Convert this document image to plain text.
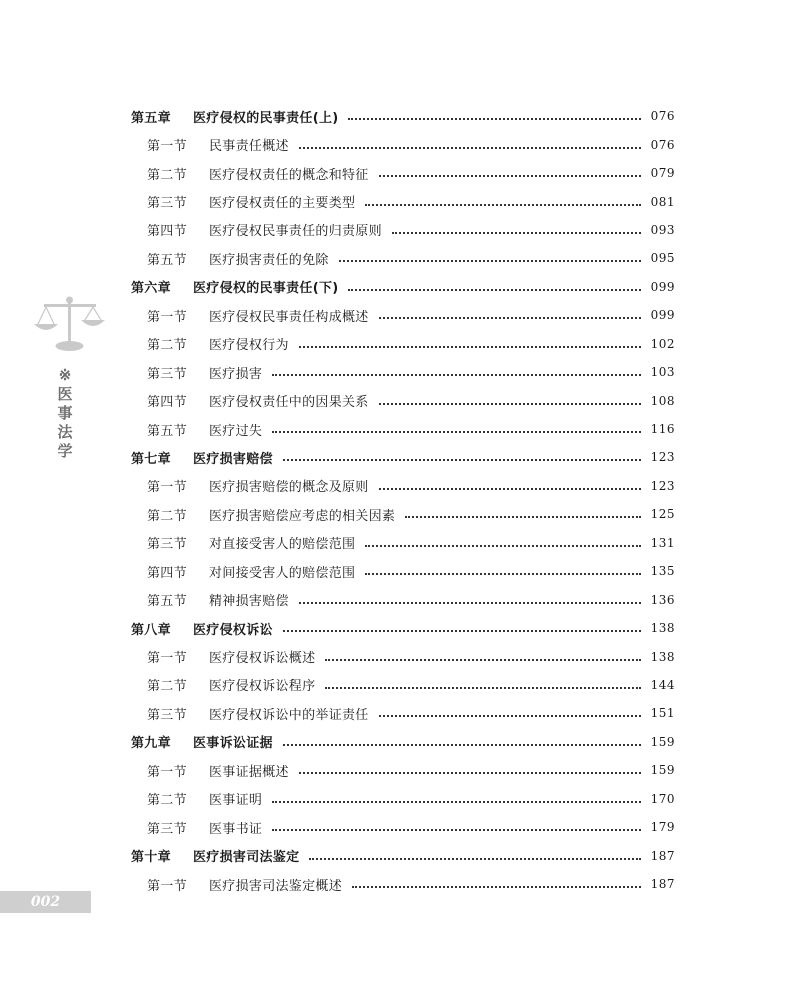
※
医
事
法
学
第五章 医疗侵权的民事责任(上)	076
第一节 民事责任概述	076
第二节 医疗侵权责任的概念和特征	079
第三节 医疗侵权责任的主要类型	081
第四节 医疗侵权民事责任的归责原则	093
第五节 医疗损害责任的免除	095
第六章 医疗侵权的民事责任(下)	099
第一节 医疗侵权民事责任构成概述	099
第二节 医疗侵权行为	102
第三节 医疗损害	103
第四节 医疗侵权责任中的因果关系	108
第五节 医疗过失	116
第七章 医疗损害赔偿	123
第一节 医疗损害赔偿的概念及原则	123
第二节 医疗损害赔偿应考虑的相关因素	125
第三节 对直接受害人的赔偿范围	131
第四节 对间接受害人的赔偿范围	135
第五节 精神损害赔偿	136
第八章 医疗侵权诉讼	138
第一节 医疗侵权诉讼概述	138
第二节 医疗侵权诉讼程序	144
第三节 医疗侵权诉讼中的举证责任	151
第九章 医事诉讼证据	159
第一节 医事证据概述	159
第二节 医事证明	170
第三节 医事书证	179
第十章 医疗损害司法鉴定	187
第一节 医疗损害司法鉴定概述	187
002
